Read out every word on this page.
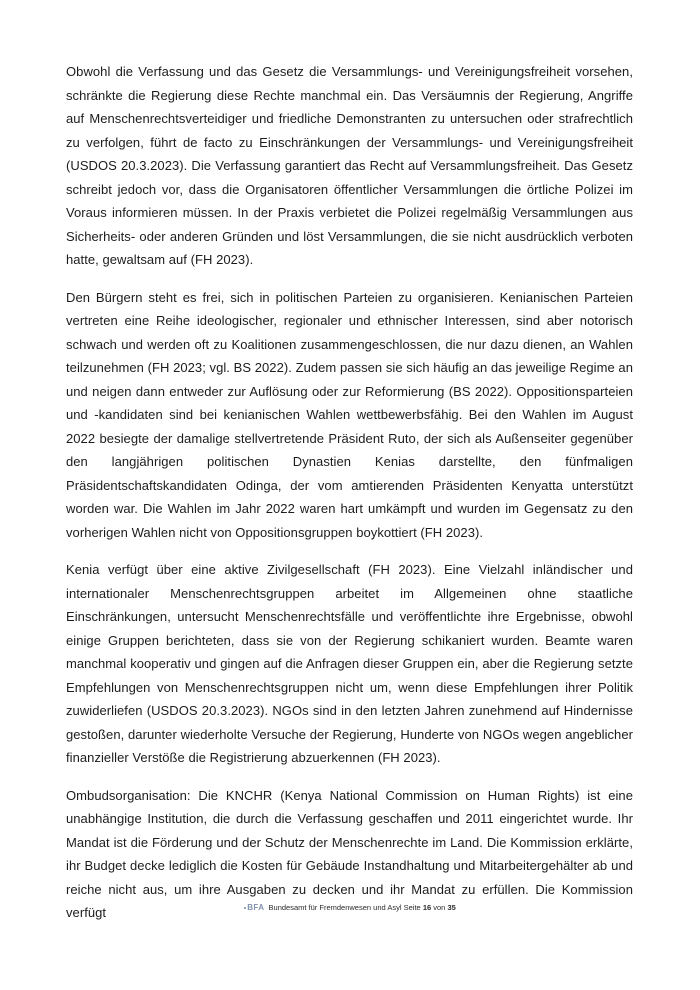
Obwohl die Verfassung und das Gesetz die Versammlungs- und Vereinigungsfreiheit vorsehen, schränkte die Regierung diese Rechte manchmal ein. Das Versäumnis der Regierung, Angriffe auf Menschenrechtsverteidiger und friedliche Demonstranten zu untersuchen oder strafrechtlich zu verfolgen, führt de facto zu Einschränkungen der Versammlungs- und Vereinigungsfreiheit (USDOS 20.3.2023). Die Verfassung garantiert das Recht auf Versammlungsfreiheit. Das Gesetz schreibt jedoch vor, dass die Organisatoren öffentlicher Versammlungen die örtliche Polizei im Voraus informieren müssen. In der Praxis verbietet die Polizei regelmäßig Versammlungen aus Sicherheits- oder anderen Gründen und löst Versammlungen, die sie nicht ausdrücklich verboten hatte, gewaltsam auf (FH 2023).

Den Bürgern steht es frei, sich in politischen Parteien zu organisieren. Kenianischen Parteien vertreten eine Reihe ideologischer, regionaler und ethnischer Interessen, sind aber notorisch schwach und werden oft zu Koalitionen zusammengeschlossen, die nur dazu dienen, an Wahlen teilzunehmen (FH 2023; vgl. BS 2022). Zudem passen sie sich häufig an das jeweilige Regime an und neigen dann entweder zur Auflösung oder zur Reformierung (BS 2022). Oppositionsparteien und -kandidaten sind bei kenianischen Wahlen wettbewerbsfähig. Bei den Wahlen im August 2022 besiegte der damalige stellvertretende Präsident Ruto, der sich als Außenseiter gegenüber den langjährigen politischen Dynastien Kenias darstellte, den fünfmaligen Präsidentschaftskandidaten Odinga, der vom amtierenden Präsidenten Kenyatta unterstützt worden war. Die Wahlen im Jahr 2022 waren hart umkämpft und wurden im Gegensatz zu den vorherigen Wahlen nicht von Oppositionsgruppen boykottiert (FH 2023).

Kenia verfügt über eine aktive Zivilgesellschaft (FH 2023). Eine Vielzahl inländischer und internationaler Menschenrechtsgruppen arbeitet im Allgemeinen ohne staatliche Einschränkungen, untersucht Menschenrechtsfälle und veröffentlichte ihre Ergebnisse, obwohl einige Gruppen berichteten, dass sie von der Regierung schikaniert wurden. Beamte waren manchmal kooperativ und gingen auf die Anfragen dieser Gruppen ein, aber die Regierung setzte Empfehlungen von Menschenrechtsgruppen nicht um, wenn diese Empfehlungen ihrer Politik zuwiderliefen (USDOS 20.3.2023). NGOs sind in den letzten Jahren zunehmend auf Hindernisse gestoßen, darunter wiederholte Versuche der Regierung, Hunderte von NGOs wegen angeblicher finanzieller Verstöße die Registrierung abzuerkennen (FH 2023).

Ombudsorganisation: Die KNCHR (Kenya National Commission on Human Rights) ist eine unabhängige Institution, die durch die Verfassung geschaffen und 2011 eingerichtet wurde. Ihr Mandat ist die Förderung und der Schutz der Menschenrechte im Land. Die Kommission erklärte, ihr Budget decke lediglich die Kosten für Gebäude Instandhaltung und Mitarbeitergehälter ab und reiche nicht aus, um ihre Ausgaben zu decken und ihr Mandat zu erfüllen. Die Kommission verfügt	BFA Bundesamt für Fremdenwesen und Asyl Seite 16 von 35
